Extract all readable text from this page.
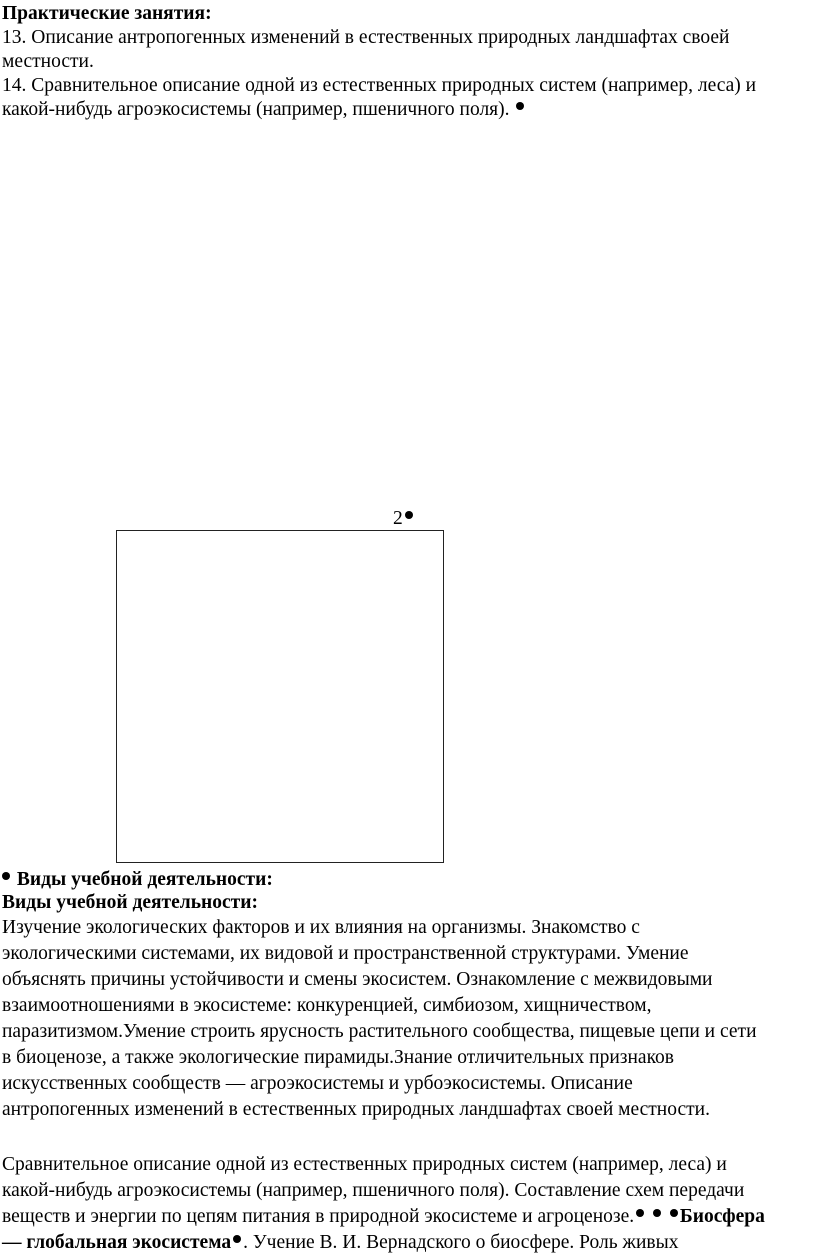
Практические занятия:
13. Описание антропогенных изменений в естественных природных ландшафтах своей
местности.
14. Сравнительное описание одной из естественных природных систем (например, леса) и
какой-нибудь агроэкосистемы (например, пшеничного поля).
2
Виды учебной деятельности:
Виды учебной деятельности:
Изучение экологических факторов и их влияния на организмы. Знакомство с
экологическими системами, их видовой и пространственной структурами. Умение
объяснять причины устойчивости и смены экосистем. Ознакомление с межвидовыми
взаимоотношениями в экосистеме: конкуренцией, симбиозом, хищничеством,
паразитизмом.Умение строить ярусность растительного сообщества, пищевые цепи и сети
в биоценозе, а также экологические пирамиды.Знание отличительных признаков
искусственных сообществ — агроэкосистемы и урбоэкосистемы. Описание
антропогенных изменений в естественных природных ландшафтах своей местности.
Сравнительное описание одной из естественных природных систем (например, леса) и
какой-нибудь агроэкосистемы (например, пшеничного поля). Составление схем передачи
веществ и энергии по цепям питания в природной экосистеме и агроценозе. Биосфера
— глобальная экосистема . Учение В. И. Вернадского о биосфере. Роль живых
